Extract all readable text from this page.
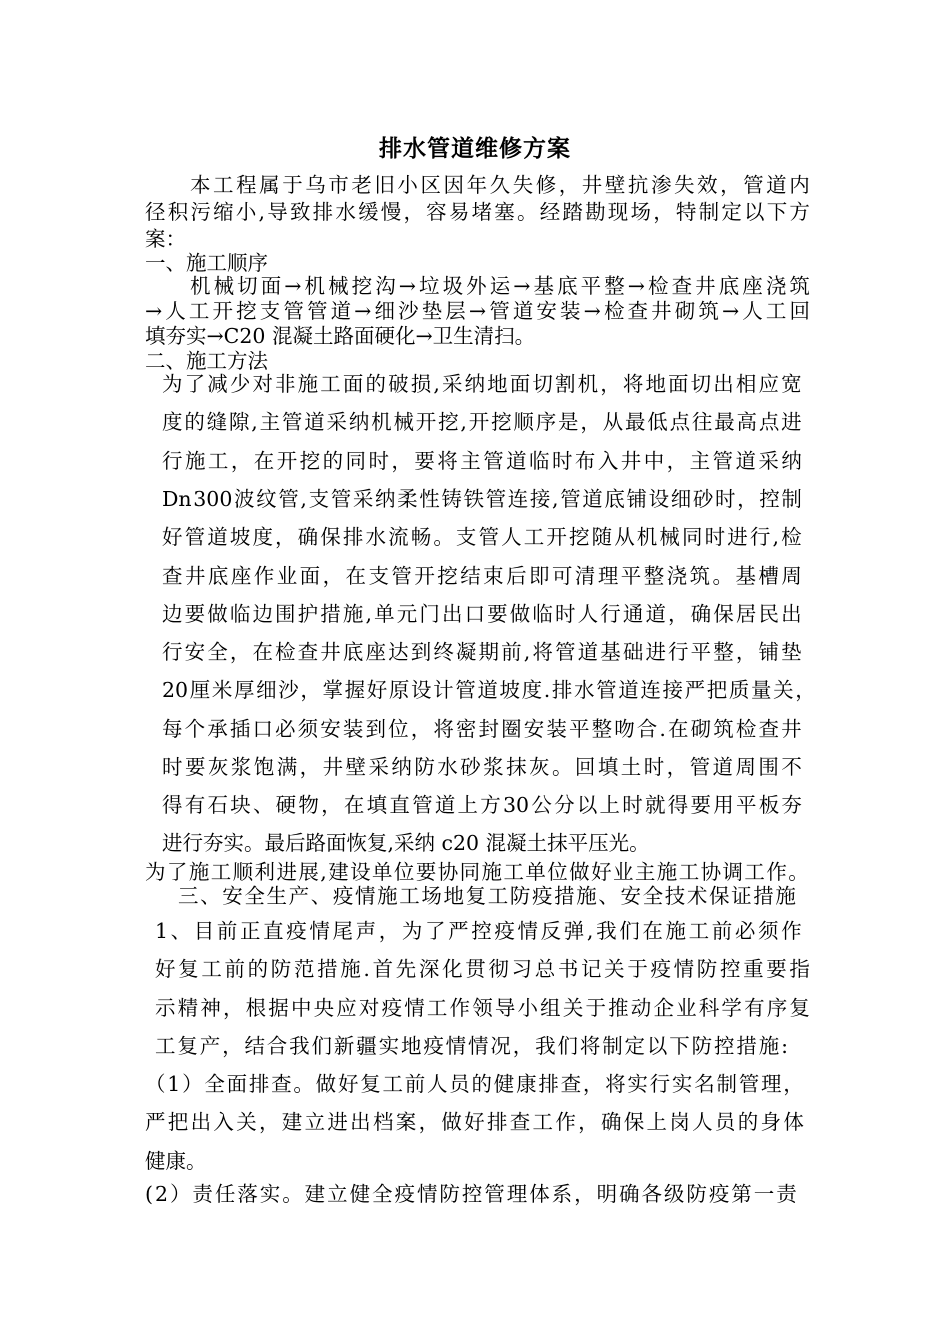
排水管道维修方案
本 工 程 属 于 乌 市 老 旧 小 区 因 年 久 失 修 ， 井 壁 抗 渗 失 效 ， 管 道 内
径 积 污 缩 小 , 导 致 排 水 缓 慢 ， 容 易 堵 塞 。 经 踏 勘 现 场 ， 特 制 定 以 下 方
案：
一、施工顺序
机 械 切 面 → 机 械 挖 沟 → 垃 圾 外 运 → 基 底 平 整 → 检 查 井 底 座 浇 筑
→ 人 工 开 挖 支 管 管 道 → 细 沙 垫 层 → 管 道 安 装 → 检 查 井 砌 筑 → 人 工 回
填夯实→C20 混凝土路面硬化→卫生清扫。
二、施工方法
为 了 减 少 对 非 施 工 面 的 破 损 , 采 纳 地 面 切 割 机 ， 将 地 面 切 出 相 应 宽
度 的 缝 隙 , 主 管 道 采 纳 机 械 开 挖 , 开 挖 顺 序 是 ， 从 最 低 点 往 最 高 点 进
行 施 工 ， 在 开 挖 的 同 时 ， 要 将 主 管 道 临 时 布 入 井 中 ， 主 管 道 采 纳
Dn 300 波 纹 管 , 支 管 采 纳 柔 性 铸 铁 管 连 接 , 管 道 底 铺 设 细 砂 时 ， 控 制
好 管 道 坡 度 ， 确 保 排 水 流 畅 。 支 管 人 工 开 挖 随 从 机 械 同 时 进 行 , 检
查 井 底 座 作 业 面 ， 在 支 管 开 挖 结 束 后 即 可 清 理 平 整 浇 筑 。 基 槽 周
边 要 做 临 边 围 护 措 施 , 单 元 门 出 口 要 做 临 时 人 行 通 道 ， 确 保 居 民 出
行 安 全 ， 在 检 查 井 底 座 达 到 终 凝 期 前 , 将 管 道 基 础 进 行 平 整 ， 铺 垫
20 厘 米 厚 细 沙 ， 掌 握 好 原 设 计 管 道 坡 度 . 排 水 管 道 连 接 严 把 质 量 关 ，
每 个 承 插 口 必 须 安 装 到 位 ， 将 密 封 圈 安 装 平 整 吻 合 . 在 砌 筑 检 查 井
时 要 灰 浆 饱 满 ， 井 壁 采 纳 防 水 砂 浆 抹 灰 。 回 填 土 时 ， 管 道 周 围 不
得 有 石 块 、 硬 物 ， 在 填 直 管 道 上 方 30 公 分 以 上 时 就 得 要 用 平 板 夯
进行夯实。最后路面恢复,采纳 c20 混凝土抹平压光。
为 了 施 工 顺 利 进 展 , 建 设 单 位 要 协 同 施 工 单 位 做 好 业 主 施 工 协 调 工 作 。
三 、 安 全 生 产 、 疫 情 施 工 场 地 复 工 防 疫 措 施 、 安 全 技 术 保 证 措 施
1 、 目 前 正 直 疫 情 尾 声 ， 为 了 严 控 疫 情 反 弹 , 我 们 在 施 工 前 必 须 作
好 复 工 前 的 防 范 措 施 . 首 先 深 化 贯 彻 习 总 书 记 关 于 疫 情 防 控 重 要 指
示 精 神 ， 根 据 中 央 应 对 疫 情 工 作 领 导 小 组 关 于 推 动 企 业 科 学 有 序 复
工 复 产 ， 结 合 我 们 新 疆 实 地 疫 情 情 况 ， 我 们 将 制 定 以 下 防 控 措 施 :
（ 1 ） 全 面 排 查 。 做 好 复 工 前 人 员 的 健 康 排 查 ， 将 实 行 实 名 制 管 理 ，
严 把 出 入 关 ， 建 立 进 出 档 案 ， 做 好 排 查 工 作 ， 确 保 上 岗 人 员 的 身 体
健康。
( 2 ） 责 任 落 实 。 建 立 健 全 疫 情 防 控 管 理 体 系 ， 明 确 各 级 防 疫 第 一 责
